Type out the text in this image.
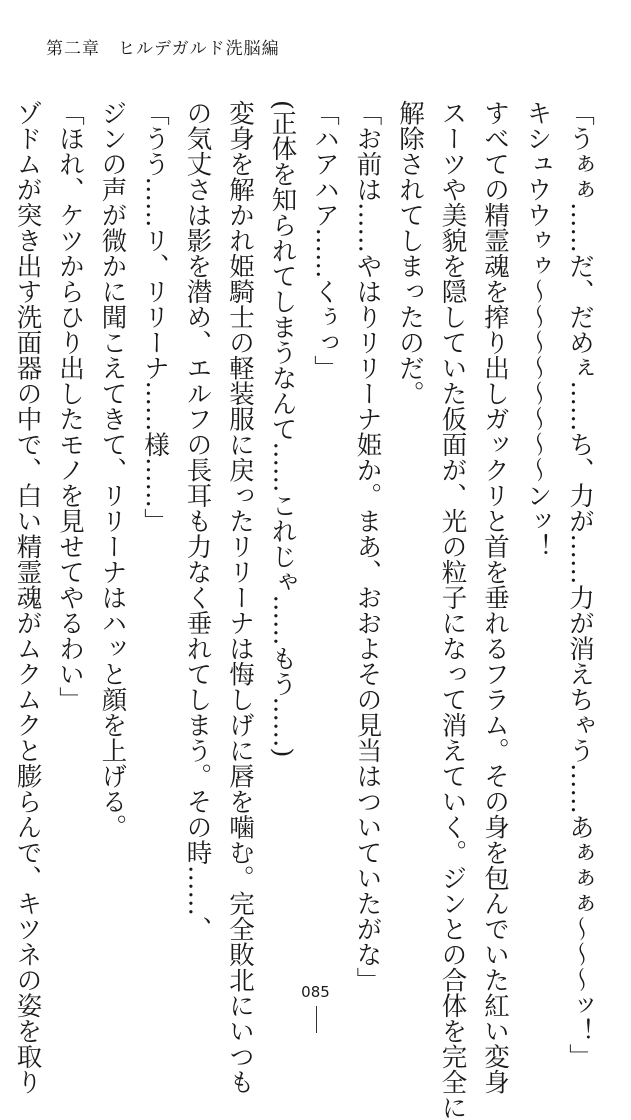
第二章　ヒルデガルド洗脳編

「うぁぁ……だ、だめぇ……ち、力が……力が消えちゃう……あぁぁぁ～～～ッ！」

キシュウウゥゥ～～～～～～～～ンッ！

すべての精霊魂を搾り出しガックリと首を垂れるフラム。その身を包んでいた紅い変身

スーツや美貌を隠していた仮面が、光の粒子になって消えていく。ジンとの合体を完全に

解除されてしまったのだ。

「お前は……やはりリリーナ姫か。まあ、おおよその見当はついていたがな」

「ハアハア……くぅっ」

(正体を知られてしまうなんて……これじゃ……もう……)

変身を解かれ姫騎士の軽装服に戻ったリリーナは悔しげに唇を噛む。完全敗北にいつも

の気丈さは影を潜め、エルフの長耳も力なく垂れてしまう。その時……、

「うう……リ、リリーナ……様……」

ジンの声が微かに聞こえてきて、リリーナはハッと顔を上げる。

「ほれ、ケツからひり出したモノを見せてやるわい」

ゾドムが突き出す洗面器の中で、白い精霊魂がムクムクと膨らんで、キツネの姿を取り	085
